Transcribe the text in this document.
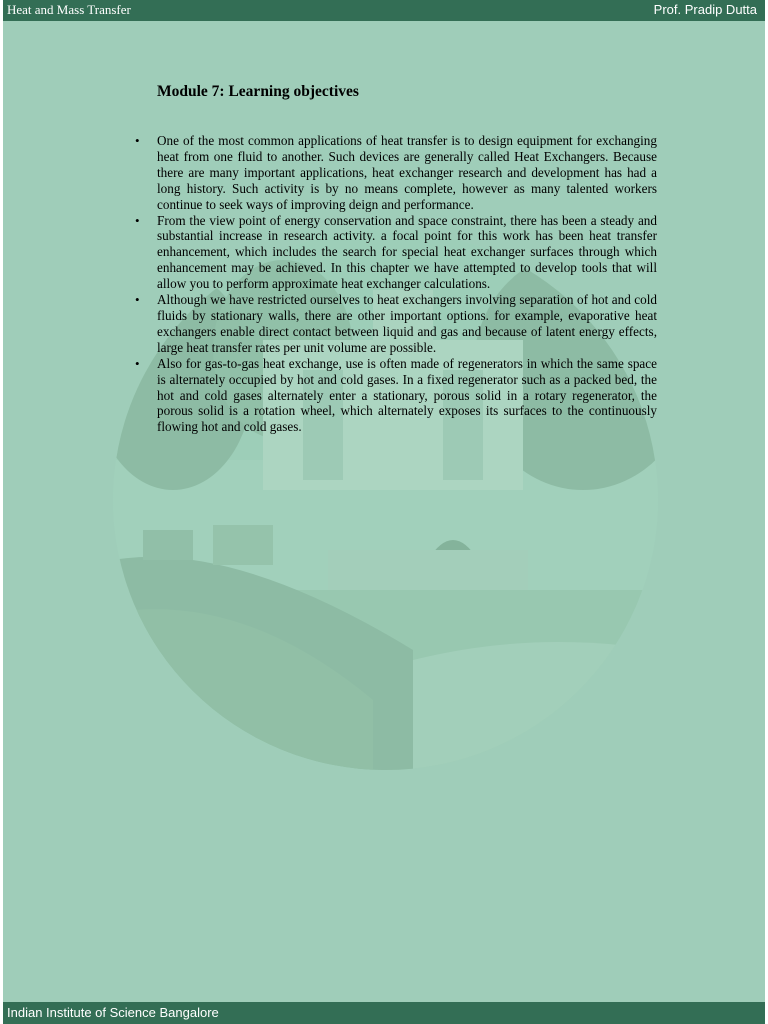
Heat and Mass Transfer	Prof. Pradip Dutta
Module 7: Learning objectives
• One of the most common applications of heat transfer is to design equipment for exchanging heat from one fluid to another. Such devices are generally called Heat Exchangers. Because there are many important applications, heat exchanger research and development has had a long history. Such activity is by no means complete, however as many talented workers continue to seek ways of improving deign and performance.
• From the view point of energy conservation and space constraint, there has been a steady and substantial increase in research activity. a focal point for this work has been heat transfer enhancement, which includes the search for special heat exchanger surfaces through which enhancement may be achieved. In this chapter we have attempted to develop tools that will allow you to perform approximate heat exchanger calculations.
• Although we have restricted ourselves to heat exchangers involving separation of hot and cold fluids by stationary walls, there are other important options. for example, evaporative heat exchangers enable direct contact between liquid and gas and because of latent energy effects, large heat transfer rates per unit volume are possible.
• Also for gas-to-gas heat exchange, use is often made of regenerators in which the same space is alternately occupied by hot and cold gases. In a fixed regenerator such as a packed bed, the hot and cold gases alternately enter a stationary, porous solid in a rotary regenerator, the porous solid is a rotation wheel, which alternately exposes its surfaces to the continuously flowing hot and cold gases.
Indian Institute of Science Bangalore
